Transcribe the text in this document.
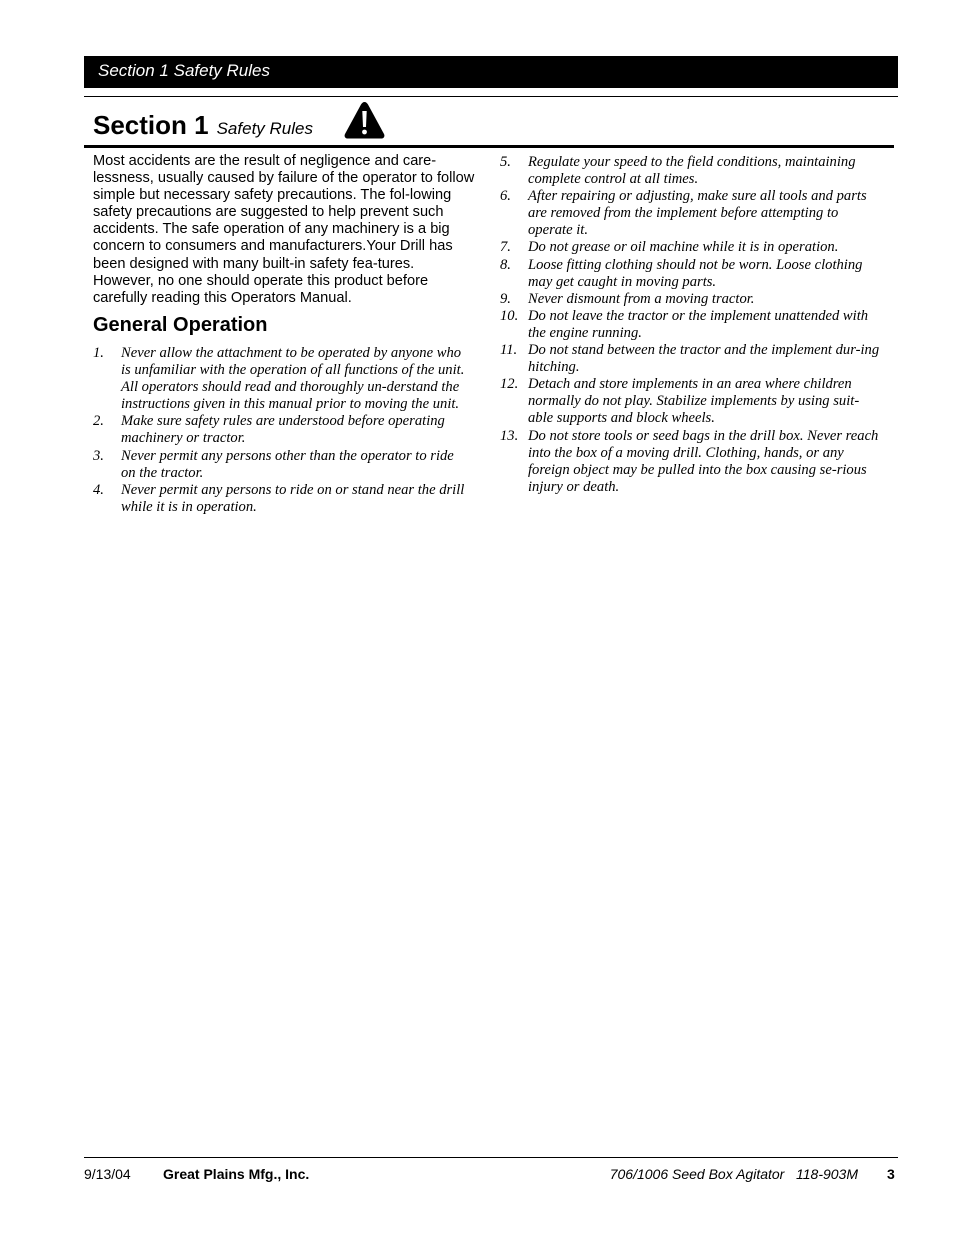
Section 1 Safety Rules
Section 1 Safety Rules

Most accidents are the result of negligence and care-lessness, usually caused by failure of the operator to follow simple but necessary safety precautions. The fol-lowing safety precautions are suggested to help prevent such accidents. The safe operation of any machinery is a big concern to consumers and manufacturers.Your Drill has been designed with many built-in safety fea-tures. However, no one should operate this product before carefully reading this Operators Manual.

General Operation
1. Never allow the attachment to be operated by anyone who is unfamiliar with the operation of all functions of the unit. All operators should read and thoroughly un-derstand the instructions given in this manual prior to moving the unit.
2. Make sure safety rules are understood before operating machinery or tractor.
3. Never permit any persons other than the operator to ride on the tractor.
4. Never permit any persons to ride on or stand near the drill while it is in operation.
5. Regulate your speed to the field conditions, maintaining complete control at all times.
6. After repairing or adjusting, make sure all tools and parts are removed from the implement before attempting to operate it.
7. Do not grease or oil machine while it is in operation.
8. Loose fitting clothing should not be worn. Loose clothing may get caught in moving parts.
9. Never dismount from a moving tractor.
10. Do not leave the tractor or the implement unattended with the engine running.
11. Do not stand between the tractor and the implement dur-ing hitching.
12. Detach and store implements in an area where children normally do not play. Stabilize implements by using suit-able supports and block wheels.
13. Do not store tools or seed bags in the drill box. Never reach into the box of a moving drill. Clothing, hands, or any foreign object may be pulled into the box causing se-rious injury or death.
9/13/04 Great Plains Mfg., Inc.	706/1006 Seed Box Agitator   118-903M 3
